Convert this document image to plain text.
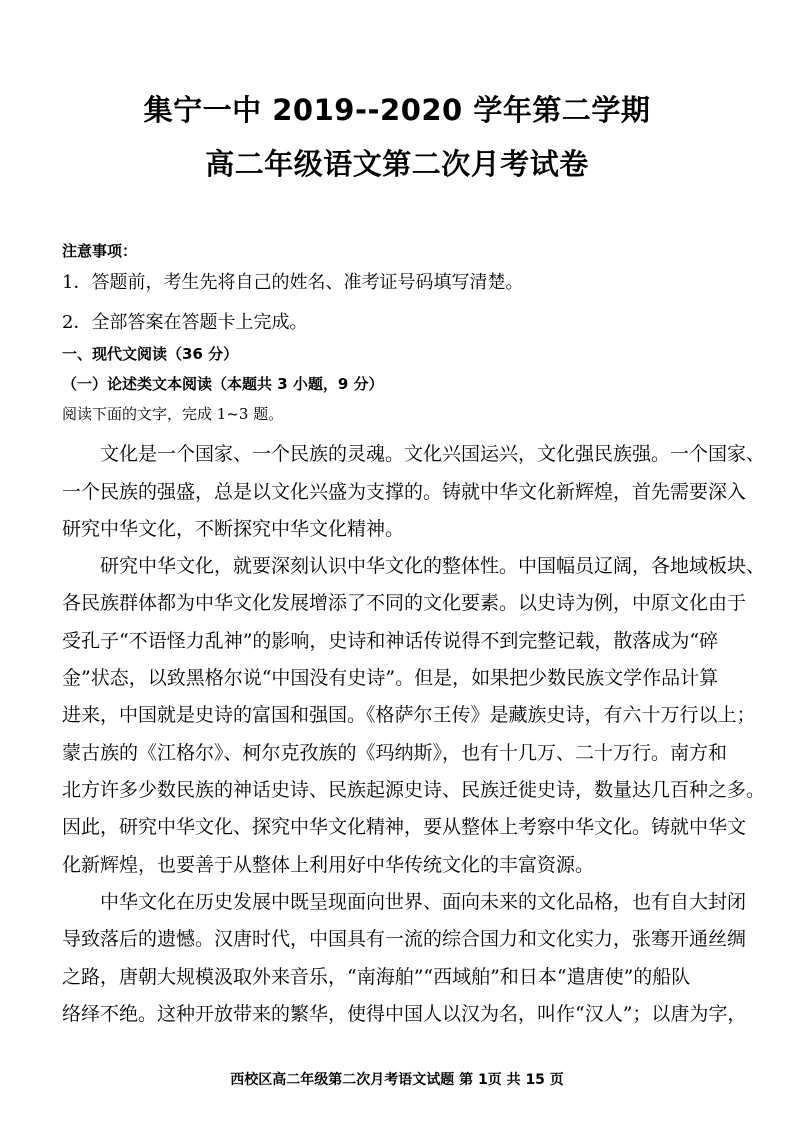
集宁一中 2019--2020 学年第二学期
高二年级语文第二次月考试卷
注意事项：
1．答题前，考生先将自己的姓名、准考证号码填写清楚。
2．全部答案在答题卡上完成。
一、现代文阅读（36 分）
（一）论述类文本阅读（本题共 3 小题，9 分）
阅读下面的文字，完成 1~3 题。
文化是一个国家、一个民族的灵魂。文化兴国运兴，文化强民族强。一个国家、
一个民族的强盛，总是以文化兴盛为支撑的。铸就中华文化新辉煌，首先需要深入
研究中华文化，不断探究中华文化精神。
研究中华文化，就要深刻认识中华文化的整体性。中国幅员辽阔，各地域板块、
各民族群体都为中华文化发展增添了不同的文化要素。以史诗为例，中原文化由于
受孔子“不语怪力乱神”的影响，史诗和神话传说得不到完整记载，散落成为“碎
金”状态，以致黑格尔说“中国没有史诗”。但是，如果把少数民族文学作品计算
进来，中国就是史诗的富国和强国。《格萨尔王传》是藏族史诗，有六十万行以上；
蒙古族的《江格尔》、柯尔克孜族的《玛纳斯》，也有十几万、二十万行。南方和
北方许多少数民族的神话史诗、民族起源史诗、民族迁徙史诗，数量达几百种之多。
因此，研究中华文化、探究中华文化精神，要从整体上考察中华文化。铸就中华文
化新辉煌，也要善于从整体上利用好中华传统文化的丰富资源。
中华文化在历史发展中既呈现面向世界、面向未来的文化品格，也有自大封闭
导致落后的遗憾。汉唐时代，中国具有一流的综合国力和文化实力，张骞开通丝绸
之路，唐朝大规模汲取外来音乐，“南海舶”“西域舶”和日本“遣唐使”的船队
络绎不绝。这种开放带来的繁华，使得中国人以汉为名，叫作“汉人”；以唐为字，
西校区高二年级第二次月考语文试题 第 1页 共 15 页
